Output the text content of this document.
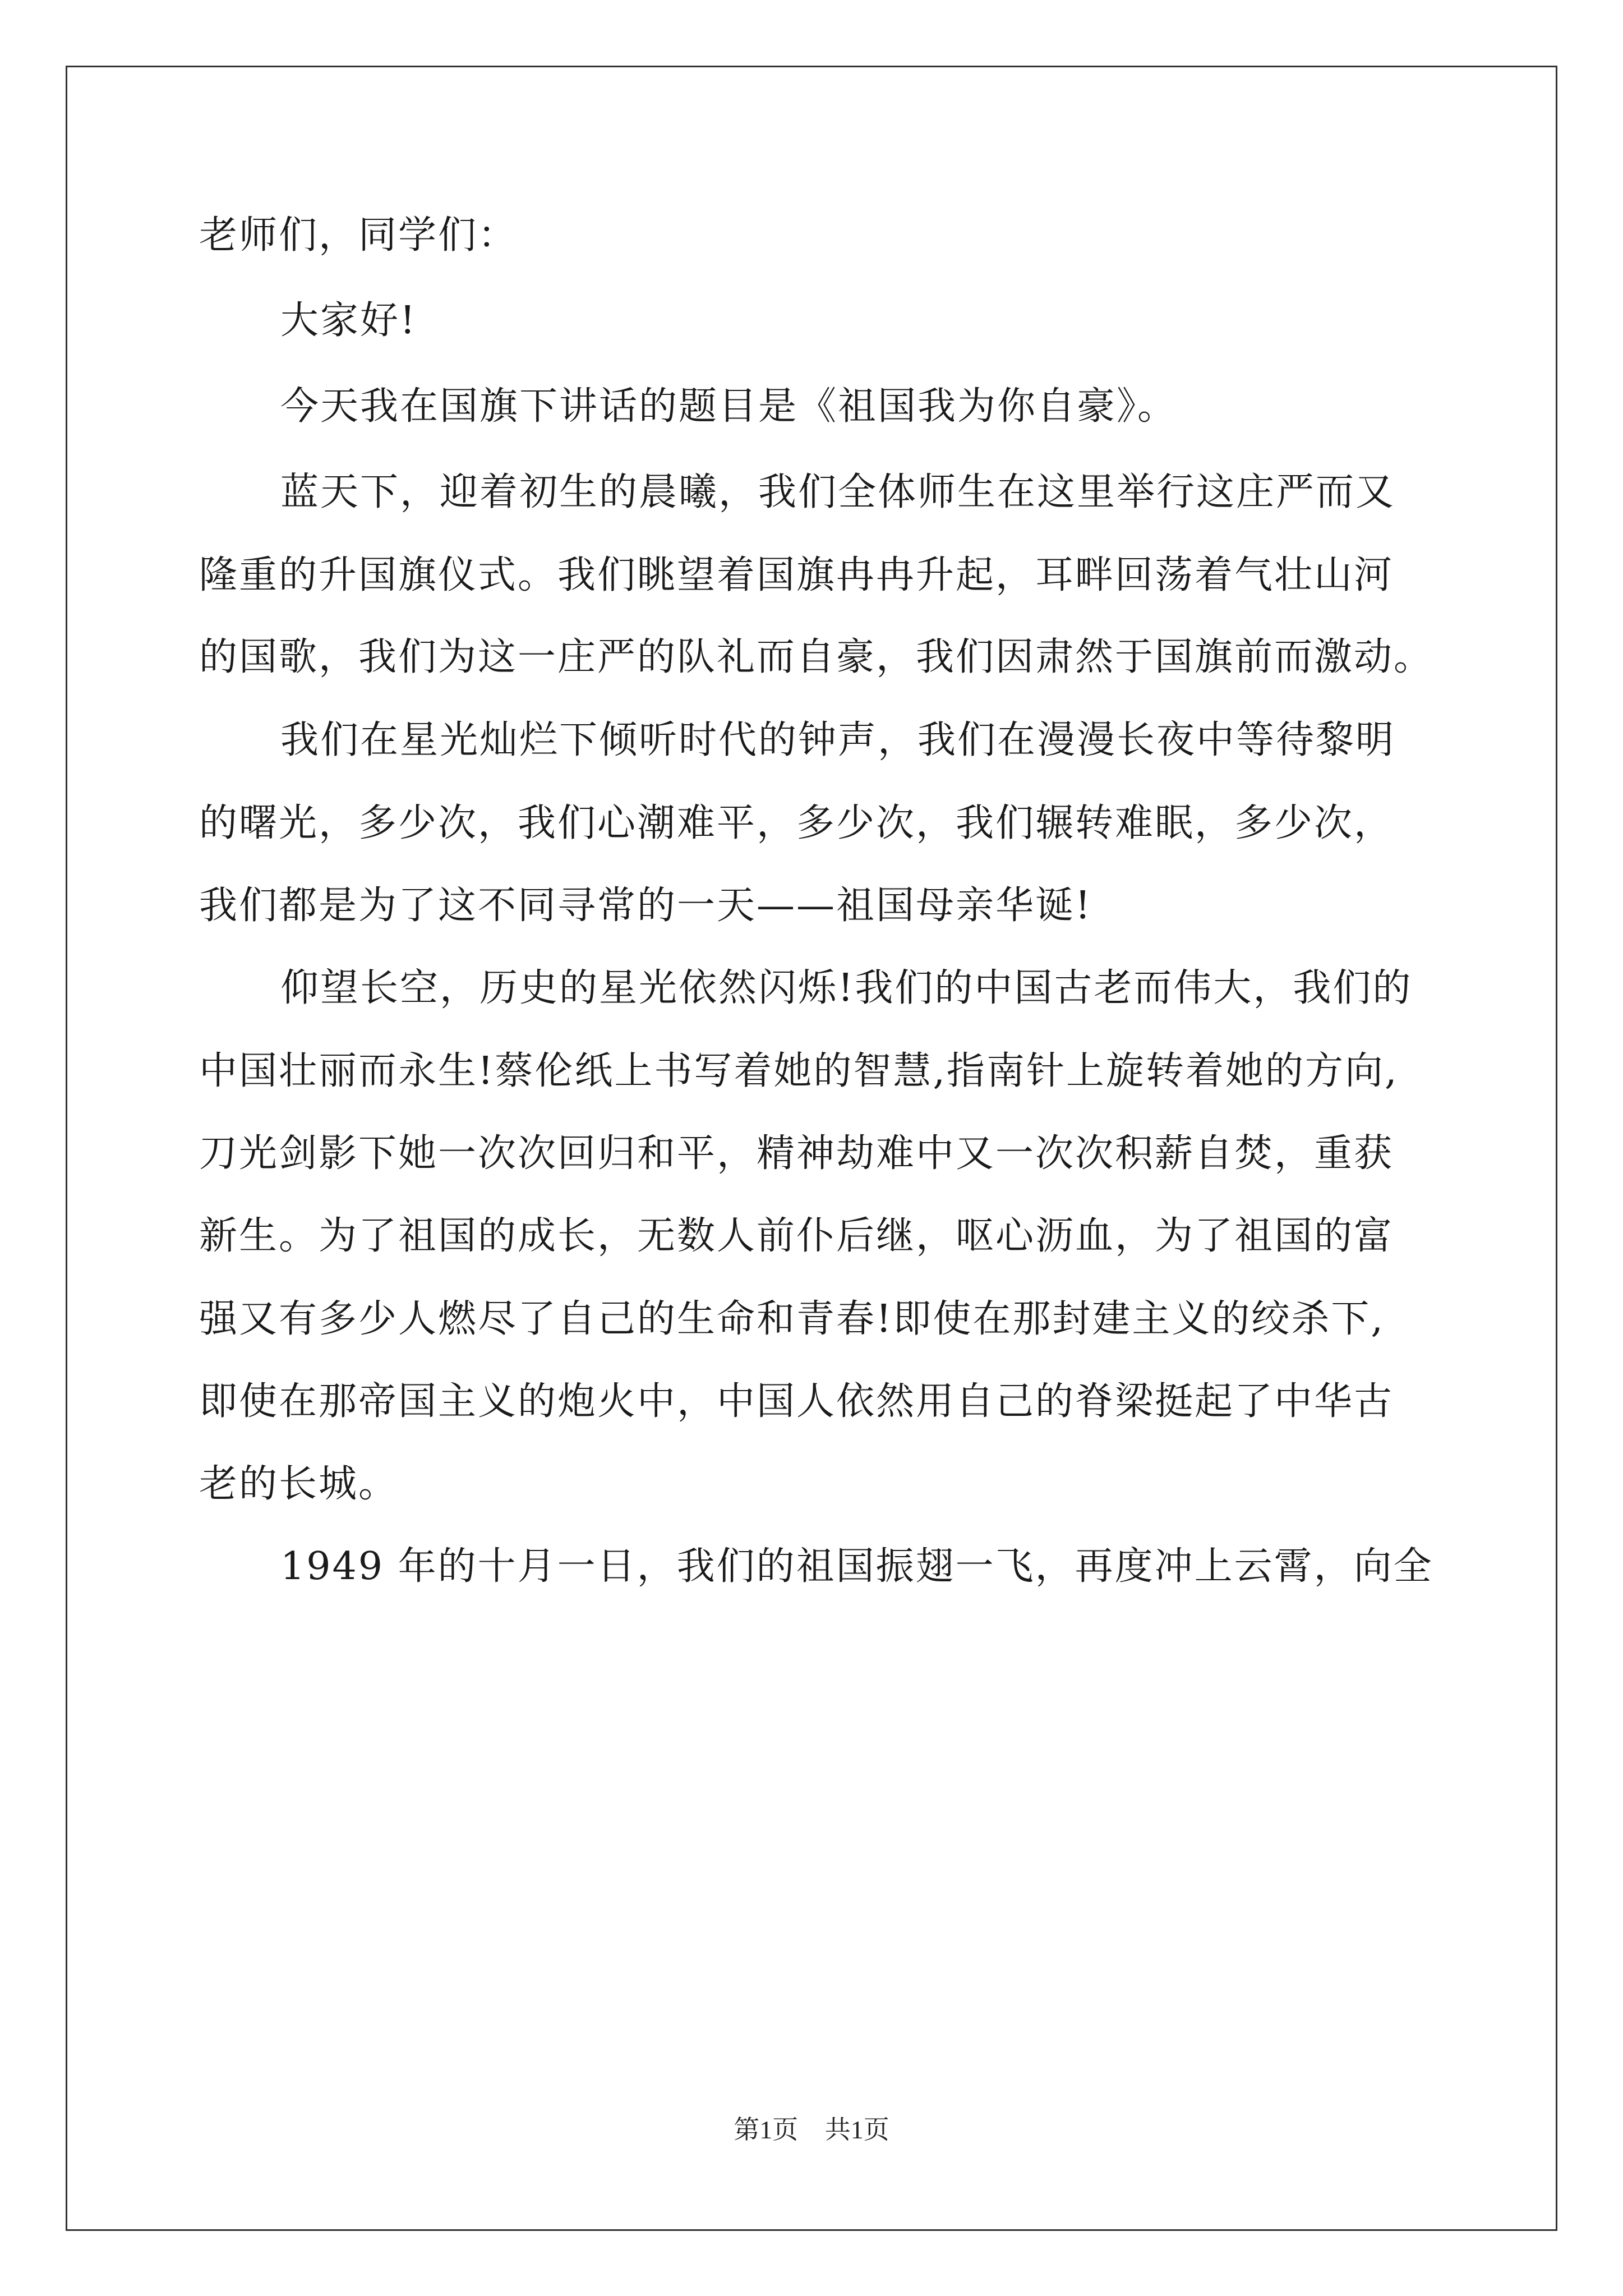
老师们，同学们：
大家好!
今天我在国旗下讲话的题目是《祖国我为你自豪》。
蓝天下，迎着初生的晨曦，我们全体师生在这里举行这庄严而又
隆重的升国旗仪式。我们眺望着国旗冉冉升起，耳畔回荡着气壮山河
的国歌，我们为这一庄严的队礼而自豪，我们因肃然于国旗前而激动。
我们在星光灿烂下倾听时代的钟声，我们在漫漫长夜中等待黎明
的曙光，多少次，我们心潮难平，多少次，我们辗转难眠，多少次，
我们都是为了这不同寻常的一天——祖国母亲华诞!
仰望长空，历史的星光依然闪烁!我们的中国古老而伟大，我们的
中国壮丽而永生!蔡伦纸上书写着她的智慧,指南针上旋转着她的方向,
刀光剑影下她一次次回归和平，精神劫难中又一次次积薪自焚，重获
新生。为了祖国的成长，无数人前仆后继，呕心沥血，为了祖国的富
强又有多少人燃尽了自己的生命和青春!即使在那封建主义的绞杀下,
即使在那帝国主义的炮火中，中国人依然用自己的脊梁挺起了中华古
老的长城。
1949 年的十月一日，我们的祖国振翅一飞，再度冲上云霄，向全
第1页 共1页
